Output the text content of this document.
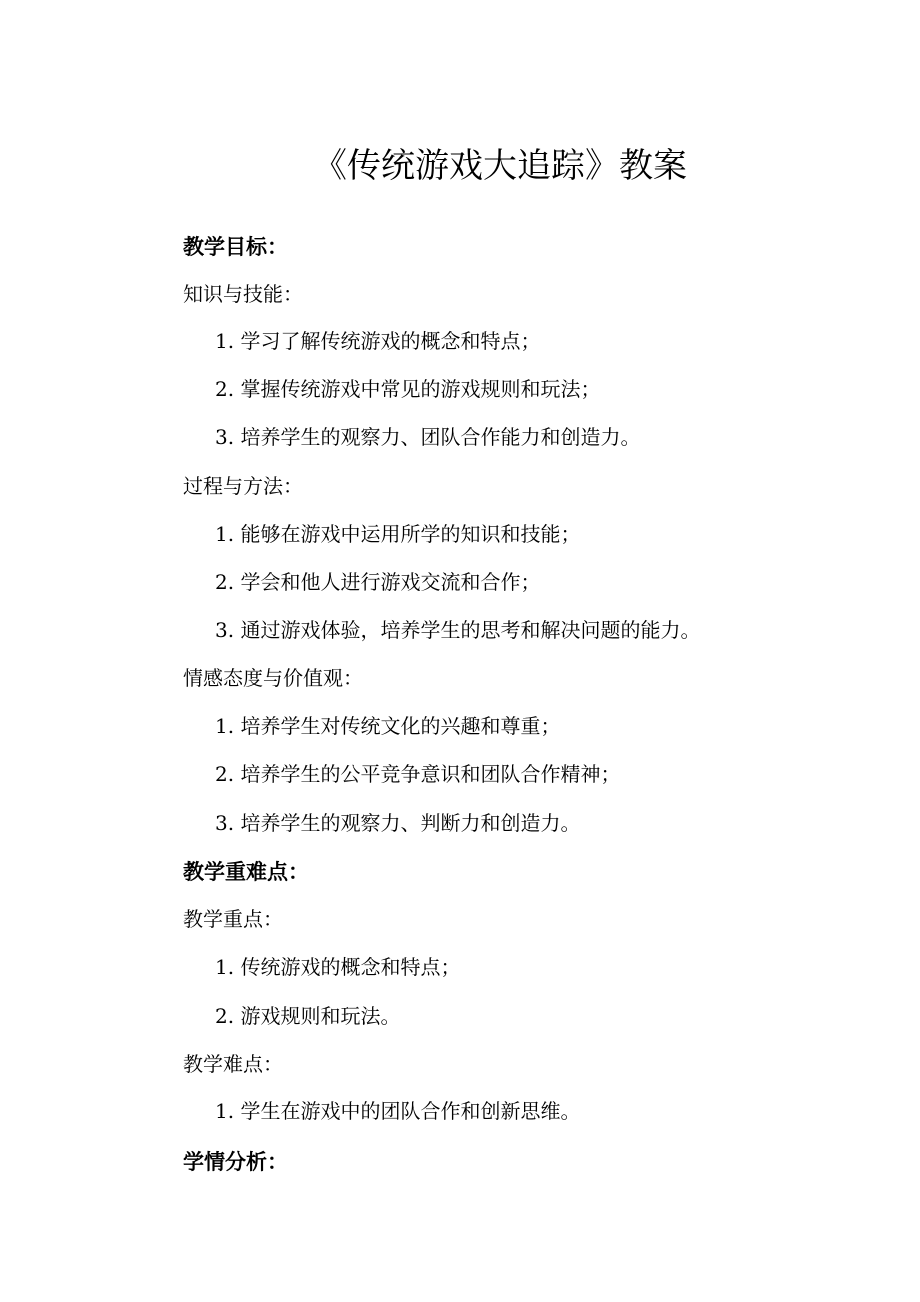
《传统游戏大追踪》教案
教学目标：

知识与技能：

1. 学习了解传统游戏的概念和特点；

2. 掌握传统游戏中常见的游戏规则和玩法；

3. 培养学生的观察力、团队合作能力和创造力。

过程与方法：

1. 能够在游戏中运用所学的知识和技能；

2. 学会和他人进行游戏交流和合作；

3. 通过游戏体验，培养学生的思考和解决问题的能力。

情感态度与价值观：

1. 培养学生对传统文化的兴趣和尊重；

2. 培养学生的公平竞争意识和团队合作精神；

3. 培养学生的观察力、判断力和创造力。

教学重难点：

教学重点：

1. 传统游戏的概念和特点；

2. 游戏规则和玩法。

教学难点：

1. 学生在游戏中的团队合作和创新思维。

学情分析：
